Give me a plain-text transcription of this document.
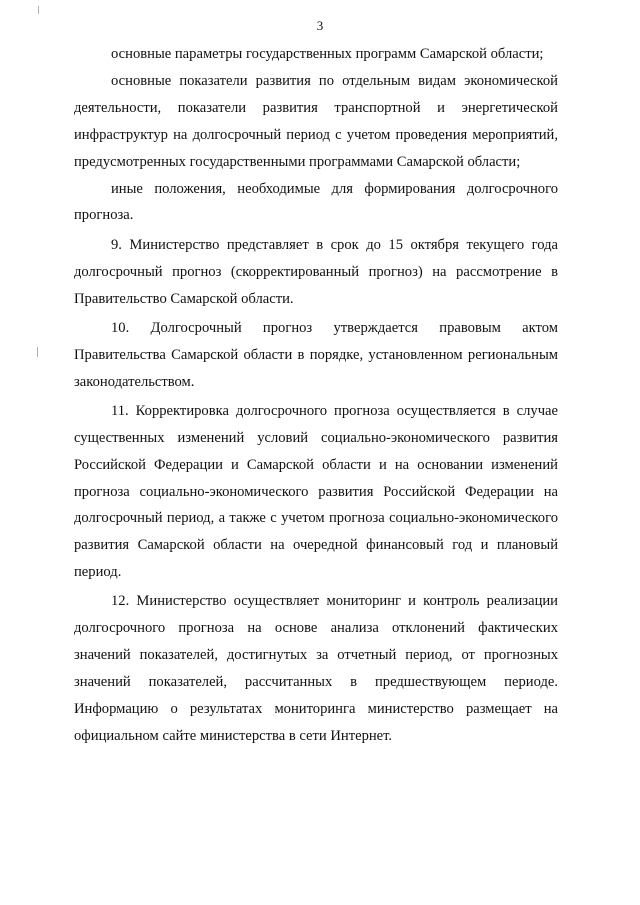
3

основные параметры государственных программ Самарской области;

основные показатели развития по отдельным видам экономической деятельности, показатели развития транспортной и энергетической инфраструктур на долгосрочный период с учетом проведения мероприятий, предусмотренных государственными программами Самарской области;

иные положения, необходимые для формирования долгосрочного прогноза.

9. Министерство представляет в срок до 15 октября текущего года долгосрочный прогноз (скорректированный прогноз) на рассмотрение в Правительство Самарской области.

10. Долгосрочный прогноз утверждается правовым актом Правительства Самарской области в порядке, установленном региональным законодательством.

11. Корректировка долгосрочного прогноза осуществляется в случае существенных изменений условий социально-экономического развития Российской Федерации и Самарской области и на основании изменений прогноза социально-экономического развития Российской Федерации на долгосрочный период, а также с учетом прогноза социально-экономического развития Самарской области на очередной финансовый год и плановый период.

12. Министерство осуществляет мониторинг и контроль реализации долгосрочного прогноза на основе анализа отклонений фактических значений показателей, достигнутых за отчетный период, от прогнозных значений показателей, рассчитанных в предшествующем периоде. Информацию о результатах мониторинга министерство размещает на официальном сайте министерства в сети Интернет.
